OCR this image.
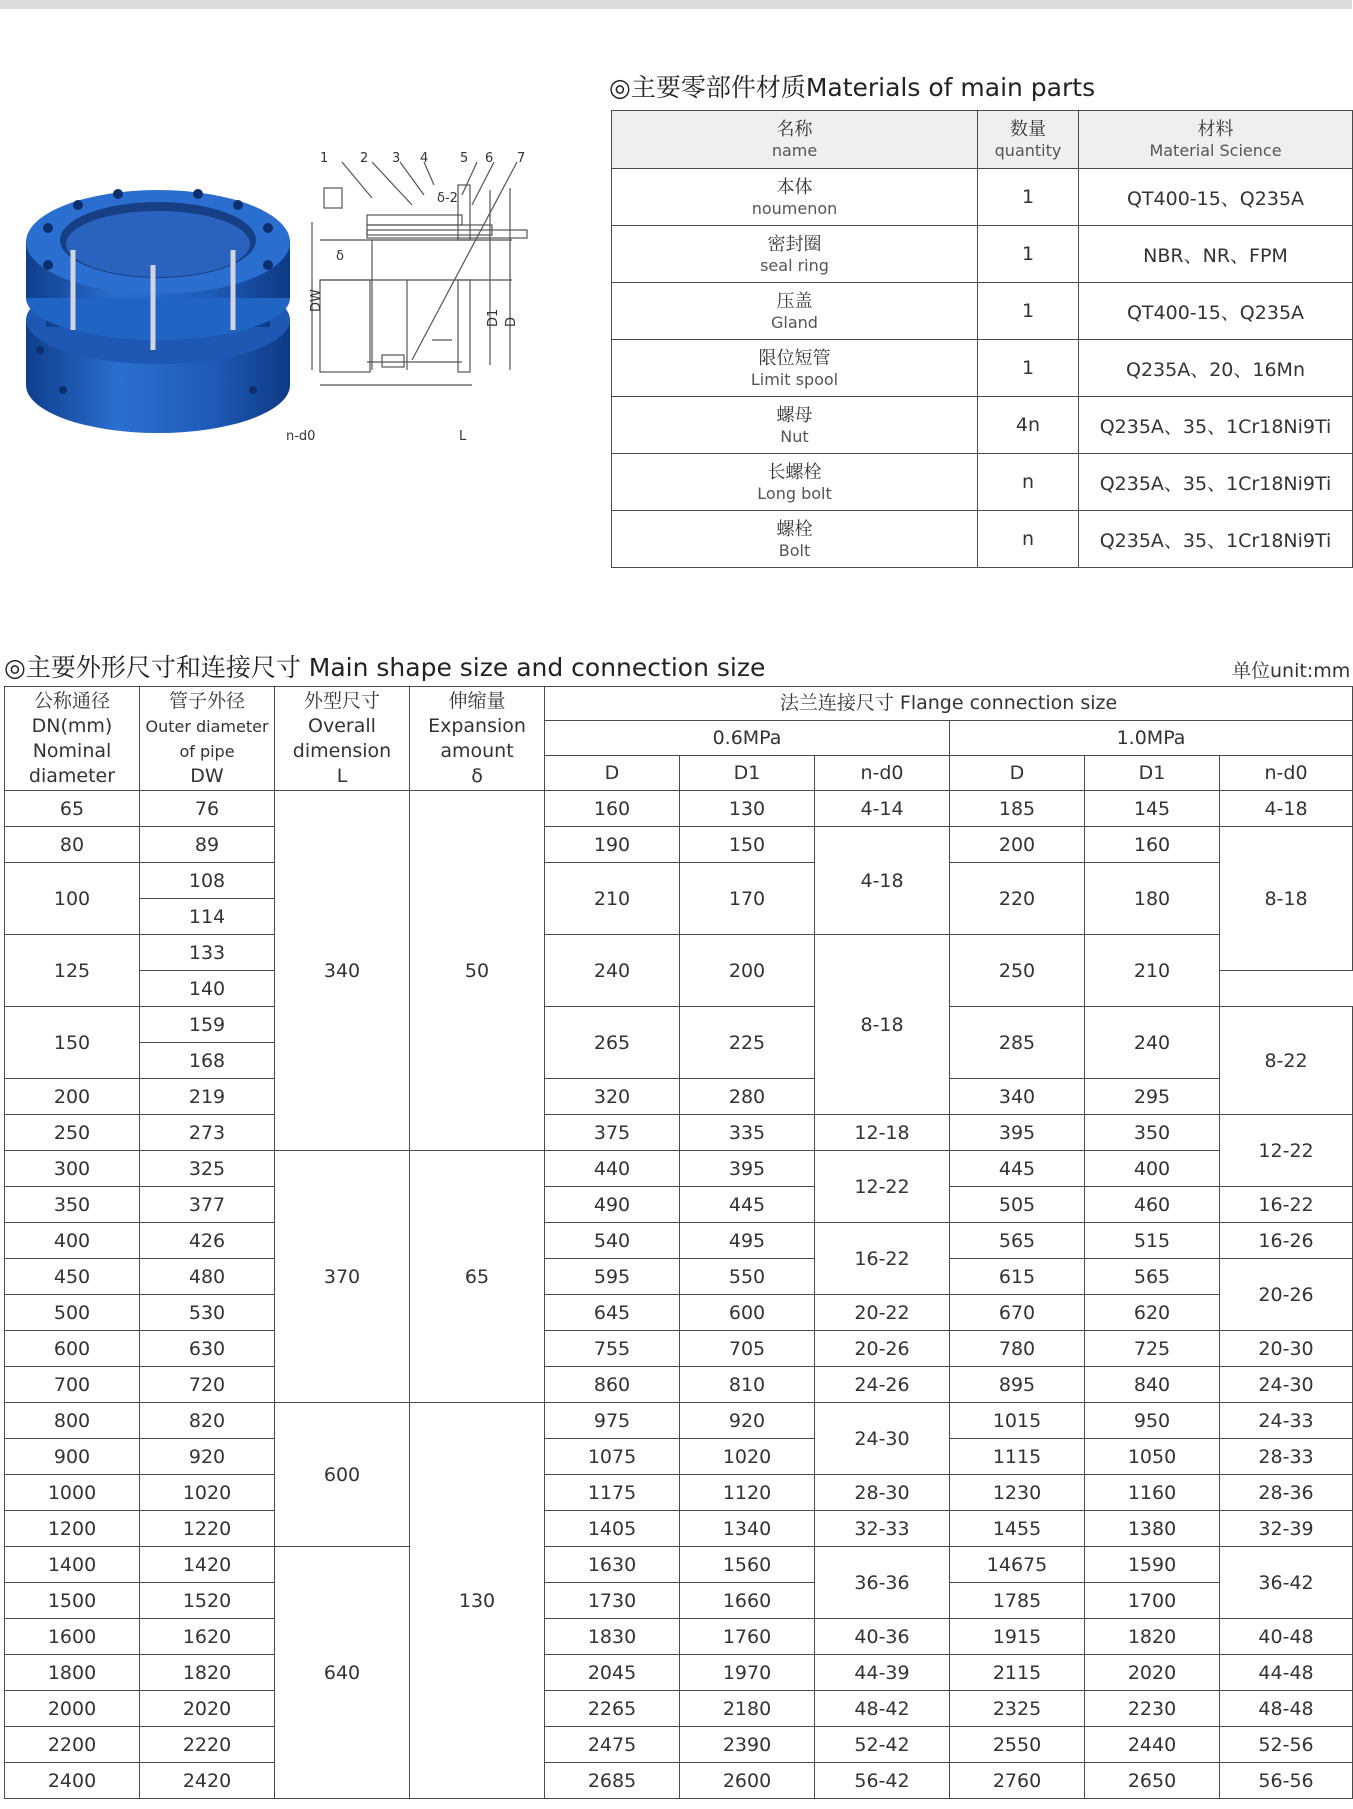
1 2 3 4 5 6 7
δ-2
δ
DW
D1 D
n-d0	L
◎主要零部件材质Materials of main parts
名称
name	数量
quantity	材料
Material Science

本体
noumenon	1	QT400-15、Q235A

密封圈
seal ring	1	NBR、NR、FPM

压盖
Gland	1	QT400-15、Q235A

限位短管
Limit spool	1	Q235A、20、16Mn

螺母
Nut	4n	Q235A、35、1Cr18Ni9Ti

长螺栓
Long bolt	n	Q235A、35、1Cr18Ni9Ti

螺栓
Bolt	n	Q235A、35、1Cr18Ni9Ti
◎主要外形尺寸和连接尺寸 Main shape size and connection size	单位unit:mm
公称通径
DN(mm)
Nominal
diameter	管子外径
Outer diameter
of pipe
DW	外型尺寸
Overall
dimension
L	伸缩量
Expansion
amount
δ	法兰连接尺寸 Flange connection size					
				0.6MPa			1.0MPa		
				D	D1	n-d0	D	D1	n-d0
65	76	340	50	160	130	4-14	185	145	4-18
80	89			190	150	4-18	200	160	8-18
100	108			210	170		220	180	
	114								
125	133			240	200	8-18	250	210	
	140								
150	159			265	225		285	240	8-22
	168								
200	219			320	280		340	295	
250	273			375	335	12-18	395	350	12-22
300	325	370	65	440	395	12-22	445	400	
350	377			490	445		505	460	16-22
400	426			540	495	16-22	565	515	16-26
450	480			595	550		615	565	20-26
500	530			645	600	20-22	670	620	
600	630			755	705	20-26	780	725	20-30
700	720			860	810	24-26	895	840	24-30
800	820	600	130	975	920	24-30	1015	950	24-33
900	920			1075	1020		1115	1050	28-33
1000	1020			1175	1120	28-30	1230	1160	28-36
1200	1220			1405	1340	32-33	1455	1380	32-39
1400	1420	640		1630	1560	36-36	14675	1590	36-42
1500	1520			1730	1660		1785	1700	
1600	1620			1830	1760	40-36	1915	1820	40-48
1800	1820			2045	1970	44-39	2115	2020	44-48
2000	2020			2265	2180	48-42	2325	2230	48-48
2200	2220			2475	2390	52-42	2550	2440	52-56
2400	2420			2685	2600	56-42	2760	2650	56-56
